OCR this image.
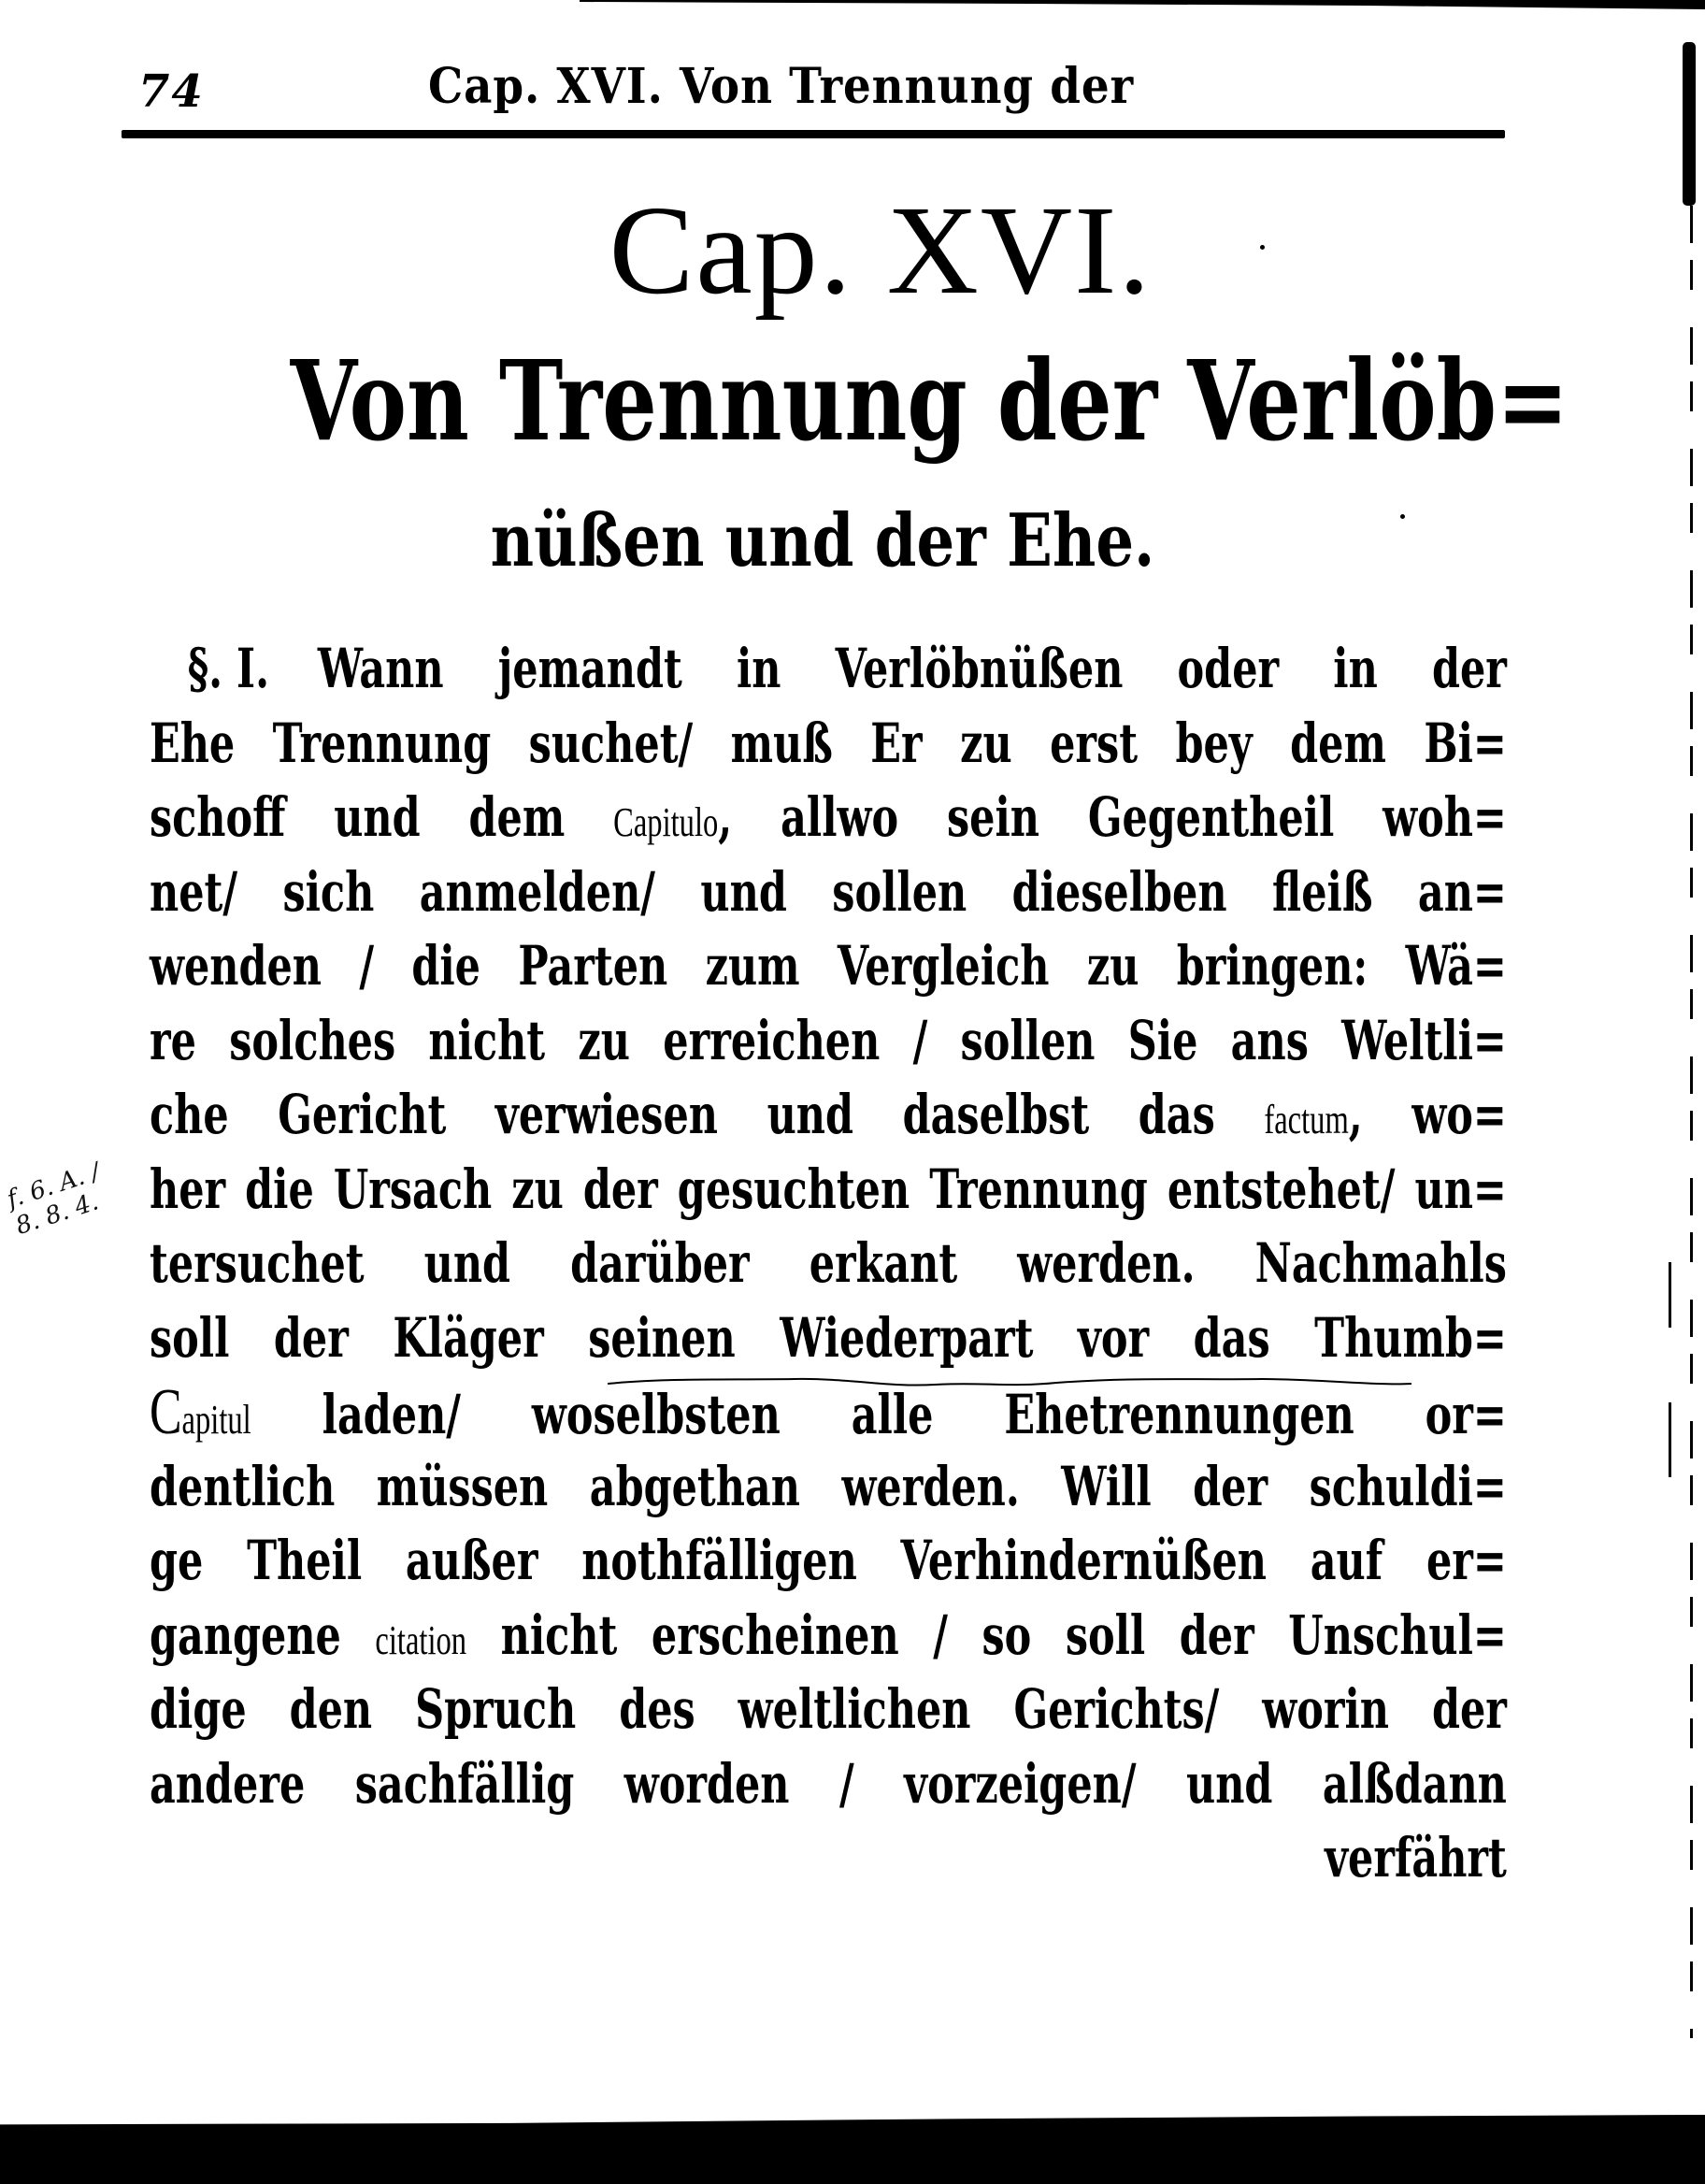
74	Cap. XVI. Von Trennung der
Cap. XVI.
Von Trennung der Verlöb=
nüßen und der Ehe.
f. 6. A. / 8. 8. 4.
§. I. Wann jemandt in Verlöbnüßen oder in der
Ehe Trennung suchet/ muß Er zu erst bey dem Bi=
schoff und dem Capitulo, allwo sein Gegentheil woh=
net/ sich anmelden/ und sollen dieselben fleiß an=
wenden / die Parten zum Vergleich zu bringen: Wä=
re solches nicht zu erreichen / sollen Sie ans Weltli=
che Gericht verwiesen und daselbst das factum, wo=
her die Ursach zu der gesuchten Trennung entstehet/ un=
tersuchet und darüber erkant werden. Nachmahls
soll der Kläger seinen Wiederpart vor das Thumb=
Capitul laden/ woselbsten alle Ehetrennungen or=
dentlich müssen abgethan werden. Will der schuldi=
ge Theil außer nothfälligen Verhindernüßen auf er=
gangene citation nicht erscheinen / so soll der Unschul=
dige den Spruch des weltlichen Gerichts/ worin der
andere sachfällig worden / vorzeigen/ und alßdann
verfährt
